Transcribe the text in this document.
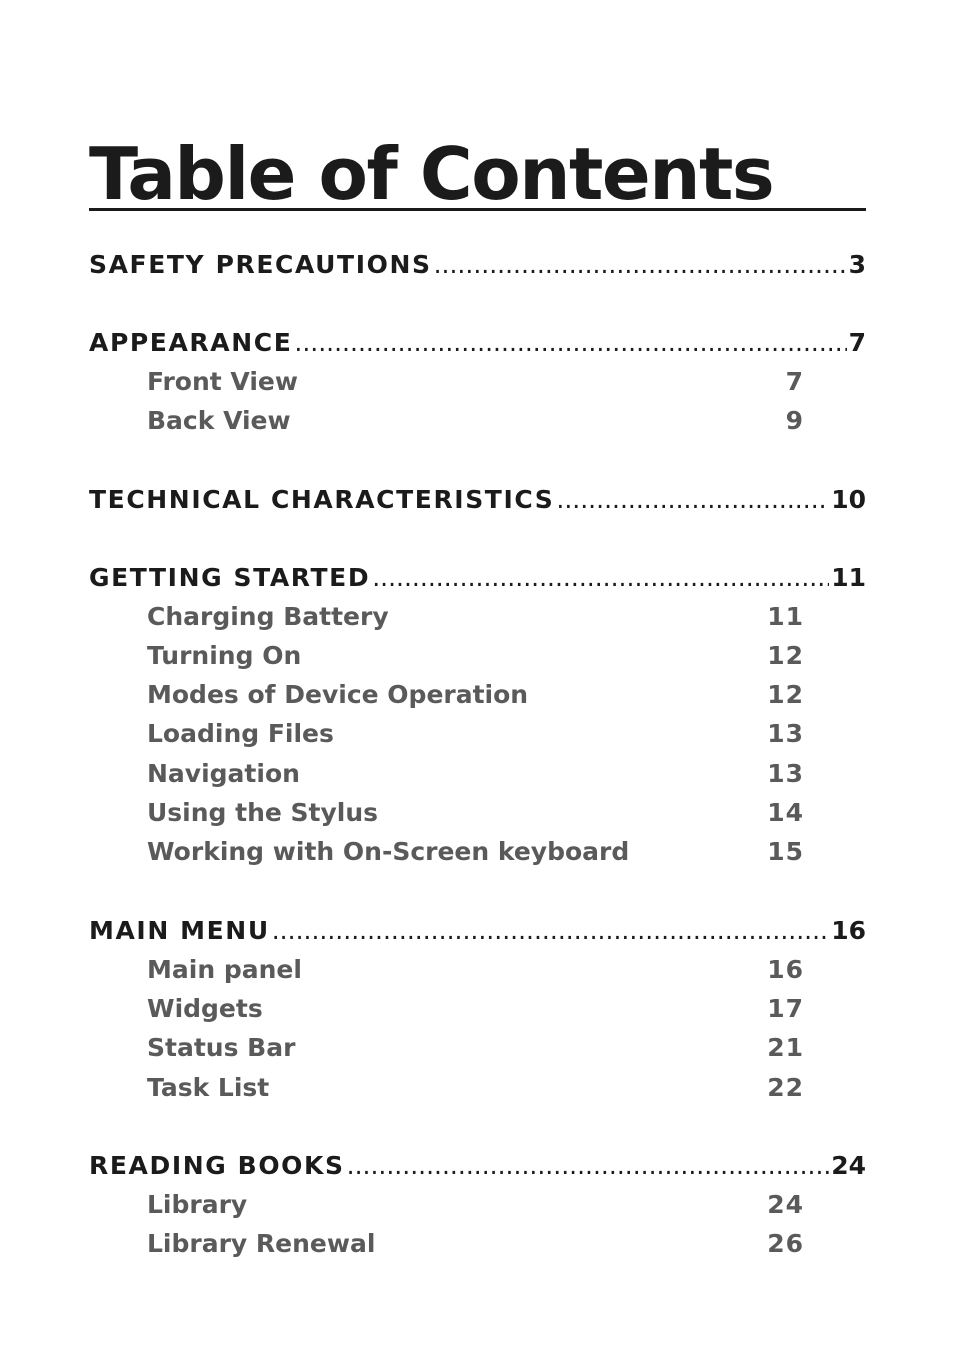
Table of Contents
SAFETY PRECAUTIONS .....	3
APPEARANCE .....	7
Front View	7
Back View	9
TECHNICAL CHARACTERISTICS .....	10
GETTING STARTED .....	11
Charging Battery	11
Turning On	12
Modes of Device Operation	12
Loading Files	13
Navigation	13
Using the Stylus	14
Working with On-Screen keyboard	15
MAIN MENU .....	16
Main panel	16
Widgets	17
Status Bar	21
Task List	22
READING BOOKS .....	24
Library	24
Library Renewal	26
